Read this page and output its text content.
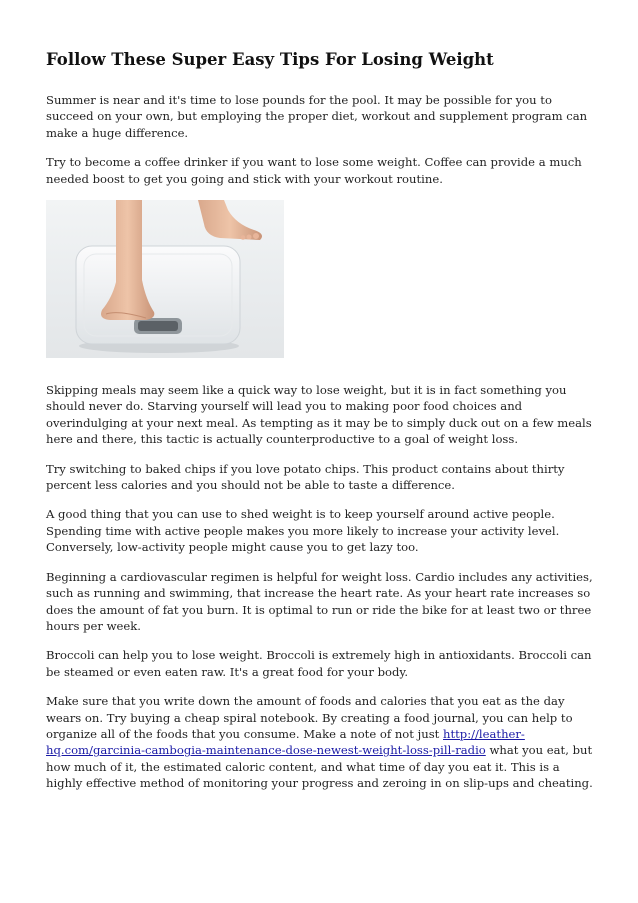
Follow These Super Easy Tips For Losing Weight

Summer is near and it's time to lose pounds for the pool. It may be possible for you to succeed on your own, but employing the proper diet, workout and supplement program can make a huge difference.

Try to become a coffee drinker if you want to lose some weight. Coffee can provide a much needed boost to get you going and stick with your workout routine.

Skipping meals may seem like a quick way to lose weight, but it is in fact something you should never do. Starving yourself will lead you to making poor food choices and overindulging at your next meal. As tempting as it may be to simply duck out on a few meals here and there, this tactic is actually counterproductive to a goal of weight loss.

Try switching to baked chips if you love potato chips. This product contains about thirty percent less calories and you should not be able to taste a difference.

A good thing that you can use to shed weight is to keep yourself around active people. Spending time with active people makes you more likely to increase your activity level. Conversely, low-activity people might cause you to get lazy too.

Beginning a cardiovascular regimen is helpful for weight loss. Cardio includes any activities, such as running and swimming, that increase the heart rate. As your heart rate increases so does the amount of fat you burn. It is optimal to run or ride the bike for at least two or three hours per week.

Broccoli can help you to lose weight. Broccoli is extremely high in antioxidants. Broccoli can be steamed or even eaten raw. It's a great food for your body.

Make sure that you write down the amount of foods and calories that you eat as the day wears on. Try buying a cheap spiral notebook. By creating a food journal, you can help to organize all of the foods that you consume. Make a note of not just http://leather-hq.com/garcinia-cambogia-maintenance-dose-newest-weight-loss-pill-radio what you eat, but how much of it, the estimated caloric content, and what time of day you eat it. This is a highly effective method of monitoring your progress and zeroing in on slip-ups and cheating.
